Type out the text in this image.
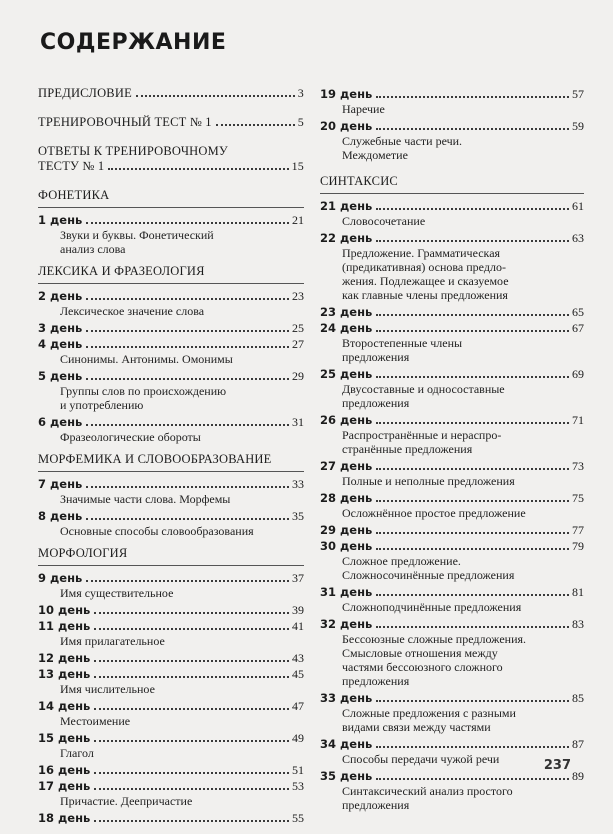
СОДЕРЖАНИЕ
ПРЕДИСЛОВИЕ	3
ТРЕНИРОВОЧНЫЙ ТЕСТ № 1	5
ОТВЕТЫ К ТРЕНИРОВОЧНОМУ
ТЕСТУ № 1	15
ФОНЕТИКА
1 день	21
Звуки и буквы. Фонетический
анализ слова
ЛЕКСИКА И ФРАЗЕОЛОГИЯ
2 день	23
Лексическое значение слова
3 день	25
4 день	27
Синонимы. Антонимы. Омонимы
5 день	29
Группы слов по происхождению
и употреблению
6 день	31
Фразеологические обороты
МОРФЕМИКА И СЛОВООБРАЗОВАНИЕ
7 день	33
Значимые части слова. Морфемы
8 день	35
Основные способы словообразования
МОРФОЛОГИЯ
9 день	37
Имя существительное
10 день	39
11 день	41
Имя прилагательное
12 день	43
13 день	45
Имя числительное
14 день	47
Местоимение
15 день	49
Глагол
16 день	51
17 день	53
Причастие. Деепричастие
18 день	55
19 день	57
Наречие
20 день	59
Служебные части речи.
Междометие
СИНТАКСИС
21 день	61
Словосочетание
22 день	63
Предложение. Грамматическая
(предикативная) основа предло-
жения. Подлежащее и сказуемое
как главные члены предложения
23 день	65
24 день	67
Второстепенные члены
предложения
25 день	69
Двусоставные и односоставные
предложения
26 день	71
Распространённые и нераспро-
странённые предложения
27 день	73
Полные и неполные предложения
28 день	75
Осложнённое простое предложение
29 день	77
30 день	79
Сложное предложение.
Сложносочинённые предложения
31 день	81
Сложноподчинённые предложения
32 день	83
Бессоюзные сложные предложения.
Смысловые отношения между
частями бессоюзного сложного
предложения
33 день	85
Сложные предложения с разными
видами связи между частями
34 день	87
Способы передачи чужой речи
35 день	89
Синтаксический анализ простого
предложения
237
